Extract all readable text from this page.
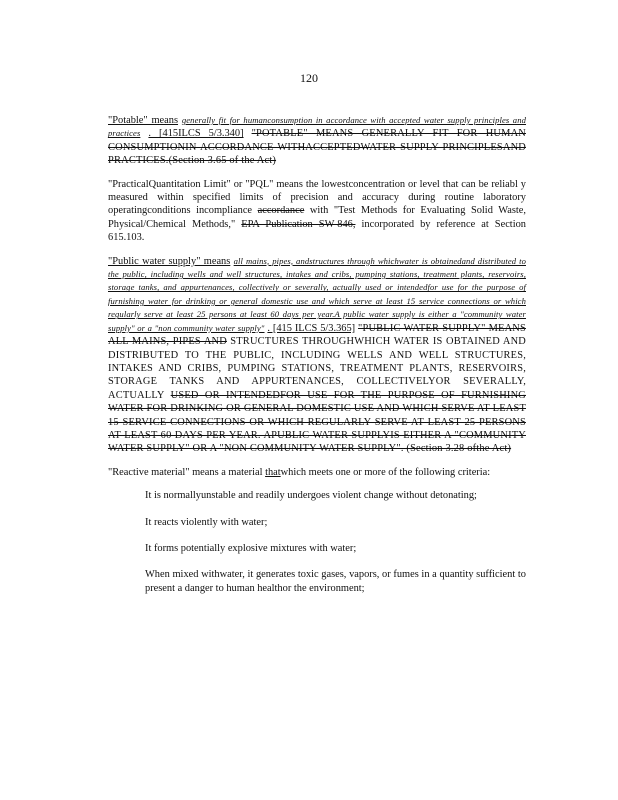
120

"Potable" means generally fit for humanconsumption in accordance with accepted water supply principles and practices . [415ILCS 5/3.340] "POTABLE" MEANS GENERALLY FIT FOR HUMAN CONSUMPTIONIN ACCORDANCE WITHACCEPTEDWATER SUPPLY PRINCIPLESAND PRACTICES.(Section 3.65 of the Act)

"PracticalQuantitation Limit" or "PQL" means the lowestconcentration or level that can be reliabl y measured within specified limits of precision and accuracy during routine laboratory operatingconditions incompliance accordance with "Test Methods for Evaluating Solid Waste, Physical/Chemical Methods," EPA Publication SW-846, incorporated by reference at Section 615.103.

"Public water supply" means all mains, pipes, andstructures through whichwater is obtainedand distributed to the public, including wells and well structures, intakes and cribs, pumping stations, treatment plants, reservoirs, storage tanks, and appurtenances, collectively or severally, actually used or intendedfor use for the purpose of furnishing water for drinking or general domestic use and which serve at least 15 service connections or which regularly serve at least 25 persons at least 60 days per year.A public water supply is either a "community water supply" or a "non community water supply" . [415 ILCS 5/3.365] "PUBLIC WATER SUPPLY" MEANS ALL MAINS, PIPES AND STRUCTURES THROUGHWHICH WATER IS OBTAINED AND DISTRIBUTED TO THE PUBLIC, INCLUDING WELLS AND WELL STRUCTURES, INTAKES AND CRIBS, PUMPING STATIONS, TREATMENT PLANTS, RESERVOIRS, STORAGE TANKS AND APPURTENANCES, COLLECTIVELYOR SEVERALLY, ACTUALLY USED OR INTENDEDFOR USE FOR THE PURPOSE OF FURNISHING WATER FOR DRINKING OR GENERAL DOMESTIC USE AND WHICH SERVE AT LEAST 15 SERVICE CONNECTIONS OR WHICH REGULARLY SERVE AT LEAST 25 PERSONS AT LEAST 60 DAYS PER YEAR. APUBLIC WATER SUPPLYIS EITHER A "COMMUNITY WATER SUPPLY" OR A "NON COMMUNITY WATER SUPPLY". (Section 3.28 ofthe Act)

"Reactive material" means a material thatwhich meets one or more of the following criteria:

It is normallyunstable and readily undergoes violent change without detonating;
It reacts violently with water;
It forms potentially explosive mixtures with water;
When mixed withwater, it generates toxic gases, vapors, or fumes in a quantity sufficient to present a danger to human healthor the environment;
